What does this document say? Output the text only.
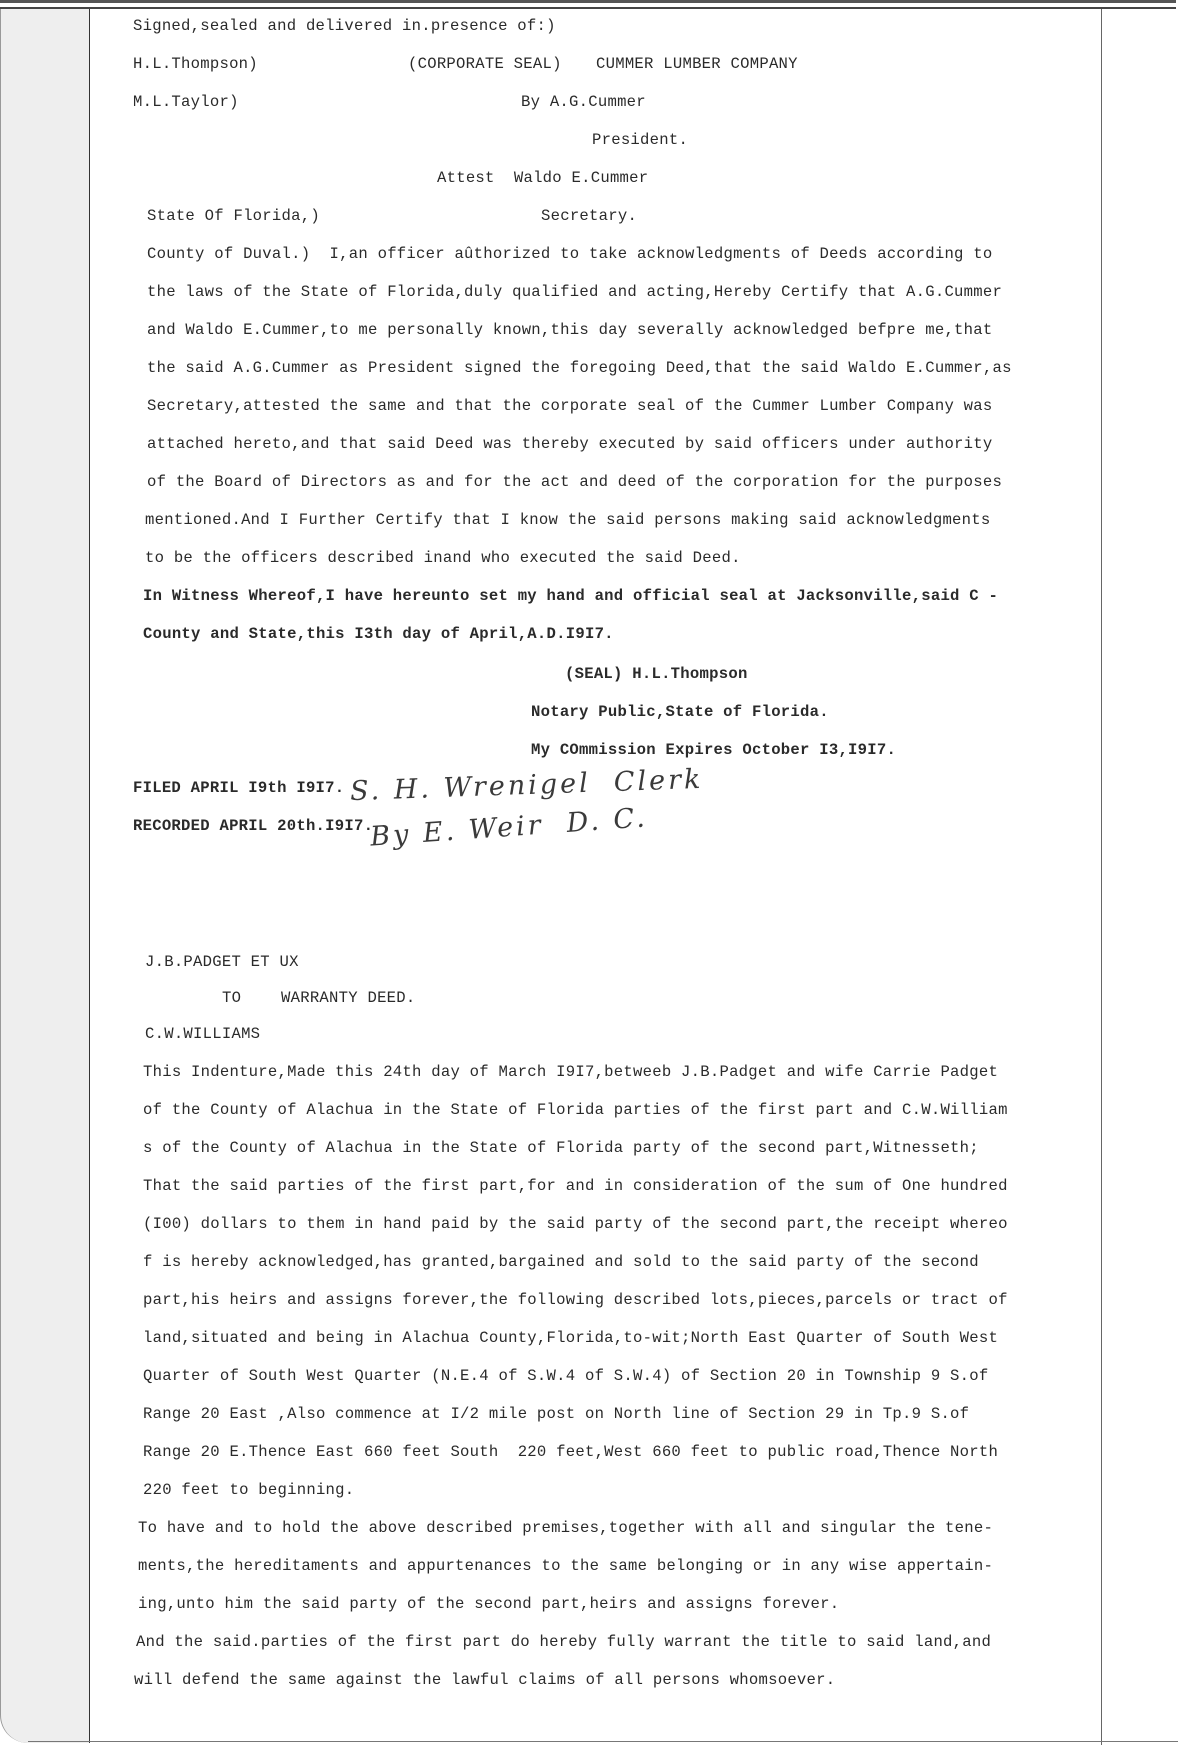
Signed,sealed and delivered in.presence of:)
H.L.Thompson)	(CORPORATE SEAL) CUMMER LUMBER COMPANY
M.L.Taylor)	By A.G.Cummer
President.
Attest  Waldo E.Cummer
State Of Florida,)	Secretary.
County of Duval.)  I,an officer aûthorized to take acknowledgments of Deeds according to
the laws of the State of Florida,duly qualified and acting,Hereby Certify that A.G.Cummer
and Waldo E.Cummer,to me personally known,this day severally acknowledged befpre me,that
the said A.G.Cummer as President signed the foregoing Deed,that the said Waldo E.Cummer,as
Secretary,attested the same and that the corporate seal of the Cummer Lumber Company was
attached hereto,and that said Deed was thereby executed by said officers under authority
of the Board of Directors as and for the act and deed of the corporation for the purposes
mentioned.And I Further Certify that I know the said persons making said acknowledgments
to be the officers described inand who executed the said Deed.
In Witness Whereof,I have hereunto set my hand and official seal at Jacksonville,said C -
County and State,this I3th day of April,A.D.I9I7.
(SEAL) H.L.Thompson
Notary Public,State of Florida.
My COmmission Expires October I3,I9I7.
FILED APRIL I9th I9I7.
RECORDED APRIL 20th.I9I7.
S. H. Wrenigel  Clerk
By E. Weir  D. C.
J.B.PADGET ET UX
TO	WARRANTY DEED.
C.W.WILLIAMS
This Indenture,Made this 24th day of March I9I7,betweeb J.B.Padget and wife Carrie Padget
of the County of Alachua in the State of Florida parties of the first part and C.W.William
s of the County of Alachua in the State of Florida party of the second part,Witnesseth;
That the said parties of the first part,for and in consideration of the sum of One hundred
(I00) dollars to them in hand paid by the said party of the second part,the receipt whereo
f is hereby acknowledged,has granted,bargained and sold to the said party of the second
part,his heirs and assigns forever,the following described lots,pieces,parcels or tract of
land,situated and being in Alachua County,Florida,to-wit;North East Quarter of South West
Quarter of South West Quarter (N.E.4 of S.W.4 of S.W.4) of Section 20 in Township 9 S.of
Range 20 East ,Also commence at I/2 mile post on North line of Section 29 in Tp.9 S.of
Range 20 E.Thence East 660 feet South  220 feet,West 660 feet to public road,Thence North
220 feet to beginning.
To have and to hold the above described premises,together with all and singular the tene-
ments,the hereditaments and appurtenances to the same belonging or in any wise appertain-
ing,unto him the said party of the second part,heirs and assigns forever.
And the said.parties of the first part do hereby fully warrant the title to said land,and
will defend the same against the lawful claims of all persons whomsoever.
